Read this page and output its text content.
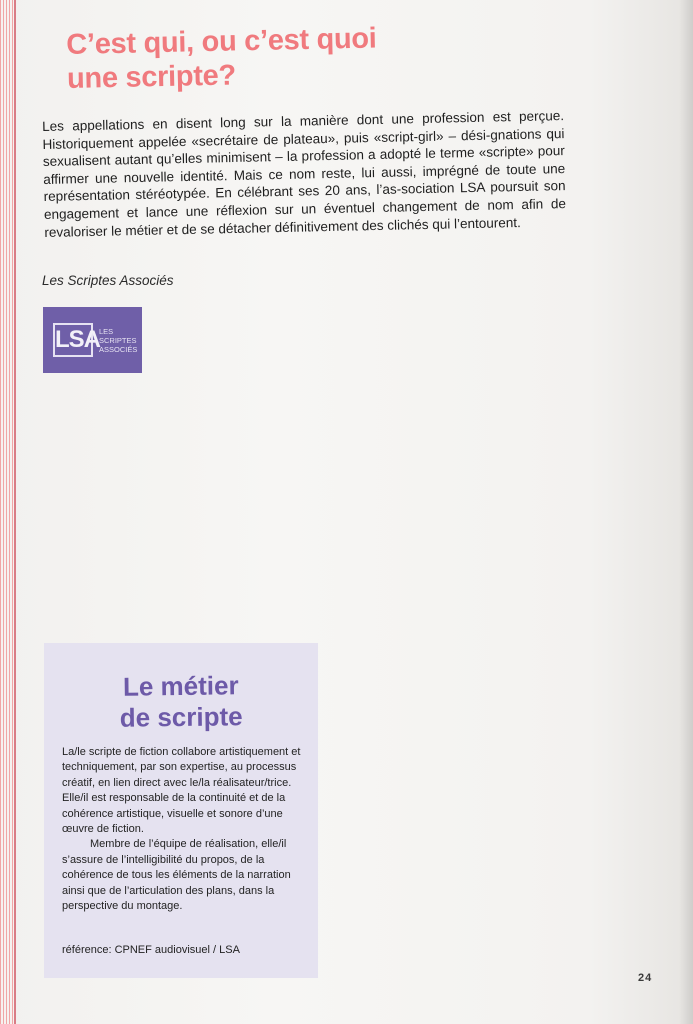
C’est qui, ou c’est quoi
une scripte?
Les appellations en disent long sur la manière dont une profession est perçue. Historiquement appelée «secrétaire de plateau», puis «script-girl» – dési-gnations qui sexualisent autant qu’elles minimisent – la profession a adopté le terme «scripte» pour affirmer une nouvelle identité. Mais ce nom reste, lui aussi, imprégné de toute une représentation stéréotypée. En célébrant ses 20 ans, l’as-sociation LSA poursuit son engagement et lance une réflexion sur un éventuel changement de nom afin de revaloriser le métier et de se détacher définitivement des clichés qui l’entourent.
Les Scriptes Associés
LSA LES
SCRIPTES
ASSOCIÉS
Le métier
de scripte

La/le scripte de fiction collabore artistiquement et techniquement, par son expertise, au processus créatif, en lien direct avec le/la réalisateur/trice. Elle/il est responsable de la continuité et de la cohérence artistique, visuelle et sonore d’une œuvre de fiction.

Membre de l’équipe de réalisation, elle/il s’assure de l’intelligibilité du propos, de la cohérence de tous les éléments de la narration ainsi que de l’articulation des plans, dans la perspective du montage.

référence: CPNEF audiovisuel / LSA
24
